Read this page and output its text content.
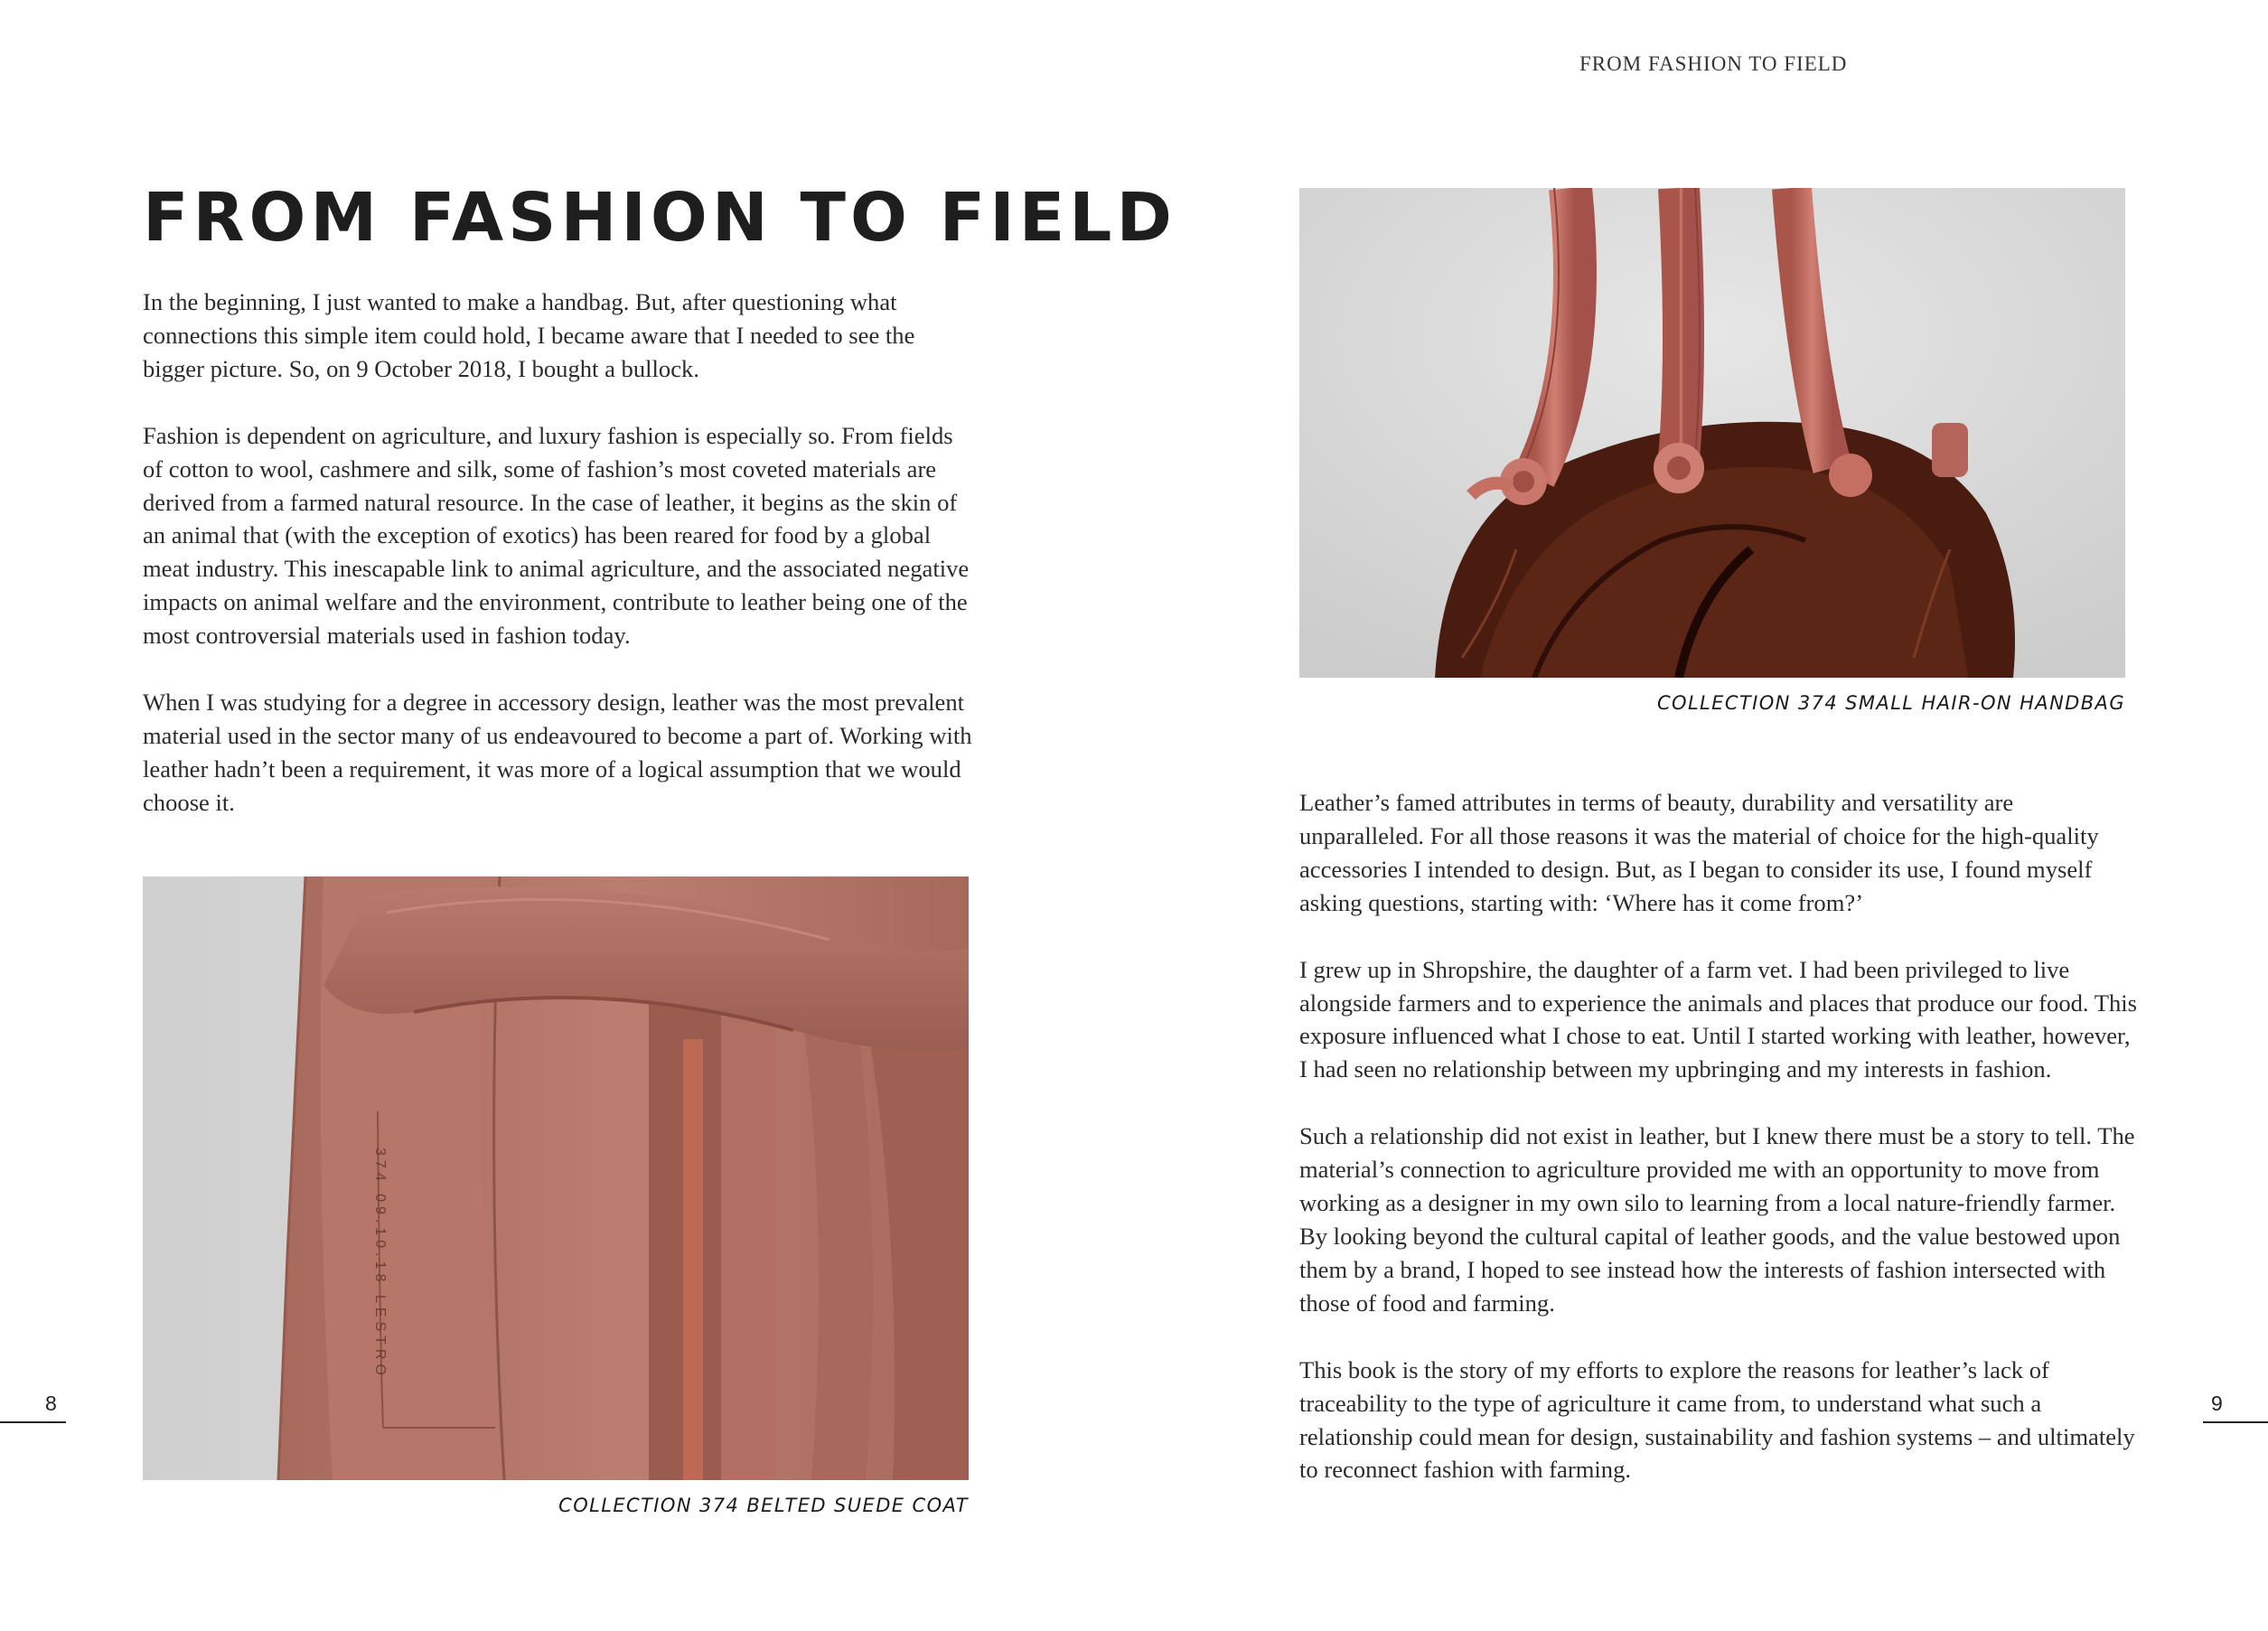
FROM FASHION TO FIELD

In the beginning, I just wanted to make a handbag. But, after questioning what connections this simple item could hold, I became aware that I needed to see the bigger picture. So, on 9 October 2018, I bought a bullock.

Fashion is dependent on agriculture, and luxury fashion is especially so. From fields of cotton to wool, cashmere and silk, some of fashion’s most coveted materials are derived from a farmed natural resource. In the case of leather, it begins as the skin of an animal that (with the exception of exotics) has been reared for food by a global meat industry. This inescapable link to animal agriculture, and the associated negative impacts on animal welfare and the environment, contribute to leather being one of the most controversial materials used in fashion today.

When I was studying for a degree in accessory design, leather was the most prevalent material used in the sector many of us endeavoured to become a part of. Working with leather hadn’t been a requirement, it was more of a logical assumption that we would choose it.

374 09.10.18 LESTRO
COLLECTION 374 BELTED SUEDE COAT
8
FROM FASHION TO FIELD
COLLECTION 374 SMALL HAIR-ON HANDBAG

Leather’s famed attributes in terms of beauty, durability and versatility are unparalleled. For all those reasons it was the material of choice for the high-quality accessories I intended to design. But, as I began to consider its use, I found myself asking questions, starting with: ‘Where has it come from?’

I grew up in Shropshire, the daughter of a farm vet. I had been privileged to live alongside farmers and to experience the animals and places that produce our food. This exposure influenced what I chose to eat. Until I started working with leather, however, I had seen no relationship between my upbringing and my interests in fashion.

Such a relationship did not exist in leather, but I knew there must be a story to tell. The material’s connection to agriculture provided me with an opportunity to move from working as a designer in my own silo to learning from a local nature-friendly farmer. By looking beyond the cultural capital of leather goods, and the value bestowed upon them by a brand, I hoped to see instead how the interests of fashion intersected with those of food and farming.

This book is the story of my efforts to explore the reasons for leather’s lack of traceability to the type of agriculture it came from, to understand what such a relationship could mean for design, sustainability and fashion systems – and ultimately to reconnect fashion with farming.

9
